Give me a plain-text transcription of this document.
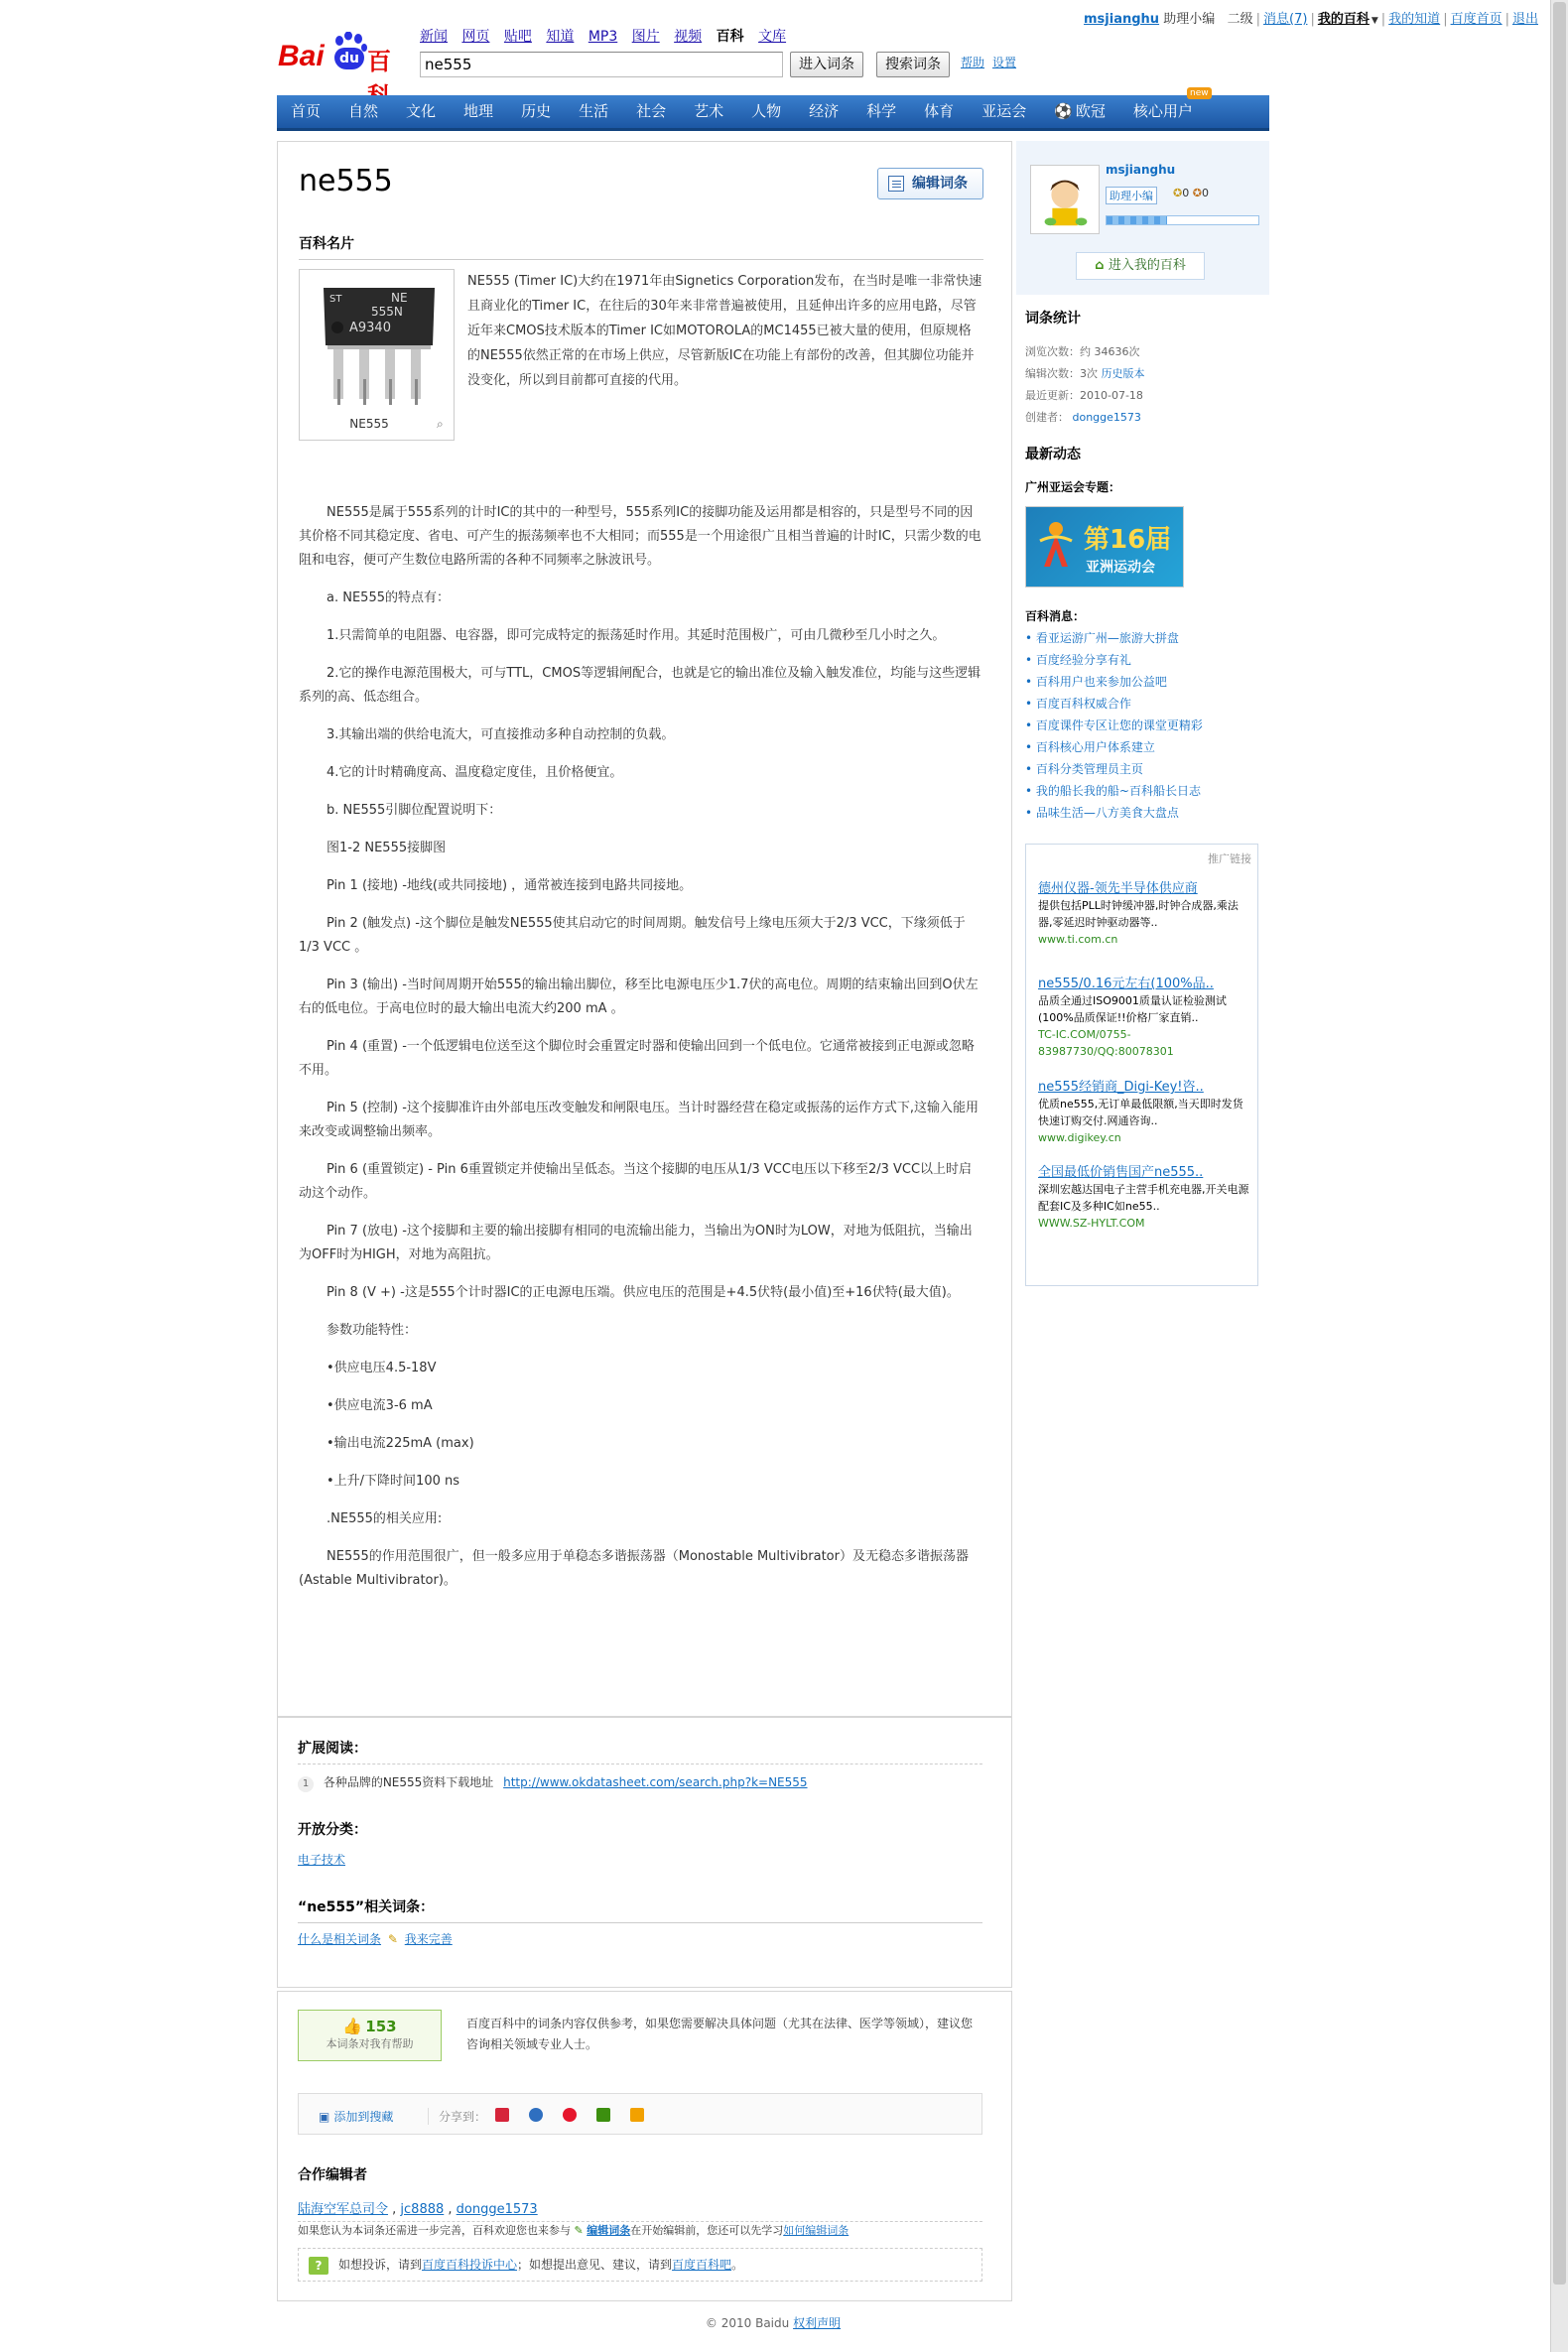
msjianghu 助理小编 二级 | 消息(7) | 我的百科 ▼ | 我的知道 | 百度首页 | 退出
Bai	du 百
新闻 网页 贴吧 知道 MP3 图片 视频 百科 文库
ne555
进入词条	搜索词条	帮助 设置
首页	自然	文化	地理	历史	生活	社会	艺术	人物	经济	科学	体育	亚运会
⚽	欧冠	核心用户
new
ne555	编辑词条
百科名片
ST	NE
555N
A9340
NE555	⌕
NE555 (Timer IC)大约在1971年由Signetics Corporation发布，在当时是唯一非常快速且商业化的Timer IC，在往后的30年来非常普遍被使用，且延伸出许多的应用电路，尽管近年来CMOS技术版本的Timer IC如MOTOROLA的MC1455已被大量的使用，但原规格的NE555依然正常的在市场上供应，尽管新版IC在功能上有部份的改善，但其脚位功能并没变化，所以到目前都可直接的代用。

NE555是属于555系列的计时IC的其中的一种型号，555系列IC的接脚功能及运用都是相容的，只是型号不同的因其价格不同其稳定度、省电、可产生的振荡频率也不大相同；而555是一个用途很广且相当普遍的计时IC，只需少数的电阻和电容，便可产生数位电路所需的各种不同频率之脉波讯号。

a. NE555的特点有：

1.只需简单的电阻器、电容器，即可完成特定的振荡延时作用。其延时范围极广，可由几微秒至几小时之久。

2.它的操作电源范围极大，可与TTL，CMOS等逻辑闸配合，也就是它的输出准位及输入触发准位，均能与这些逻辑系列的高、低态组合。

3.其输出端的供给电流大，可直接推动多种自动控制的负载。

4.它的计时精确度高、温度稳定度佳，且价格便宜。

b. NE555引脚位配置说明下：

图1-2 NE555接脚图

Pin 1 (接地) -地线(或共同接地) ，通常被连接到电路共同接地。

Pin 2 (触发点) -这个脚位是触发NE555使其启动它的时间周期。触发信号上缘电压须大于2/3 VCC，下缘须低于1/3 VCC 。

Pin 3 (输出) -当时间周期开始555的输出输出脚位，移至比电源电压少1.7伏的高电位。周期的结束输出回到O伏左右的低电位。于高电位时的最大输出电流大约200 mA 。

Pin 4 (重置) -一个低逻辑电位送至这个脚位时会重置定时器和使输出回到一个低电位。它通常被接到正电源或忽略不用。

Pin 5 (控制) -这个接脚准许由外部电压改变触发和闸限电压。当计时器经营在稳定或振荡的运作方式下,这输入能用来改变或调整输出频率。

Pin 6 (重置锁定) - Pin 6重置锁定并使输出呈低态。当这个接脚的电压从1/3 VCC电压以下移至2/3 VCC以上时启动这个动作。

Pin 7 (放电) -这个接脚和主要的输出接脚有相同的电流输出能力，当输出为ON时为LOW，对地为低阻抗，当输出为OFF时为HIGH，对地为高阻抗。

Pin 8 (V +) -这是555个计时器IC的正电源电压端。供应电压的范围是+4.5伏特(最小值)至+16伏特(最大值)。

参数功能特性：

•供应电压4.5-18V

•供应电流3-6 mA

•输出电流225mA (max)

•上升/下降时间100 ns

.NE555的相关应用:

NE555的作用范围很广，但一般多应用于单稳态多谐振荡器（Monostable Multivibrator）及无稳态多谐振荡器(Astable Multivibrator)。

扩展阅读：
1 各种品牌的NE555资料下载地址 http://www.okdatasheet.com/search.php?k=NE555
开放分类：
电子技术
“ne555”相关词条：
什么是相关词条 ✎ 我来完善
👍 153
本词条对我有帮助
百度百科中的词条内容仅供参考，如果您需要解决具体问题（尤其在法律、医学等领域），建议您咨询相关领域专业人士。
▣ 添加到搜藏	分享到：
合作编辑者
陆海空军总司令 , jc8888 , dongge1573
如果您认为本词条还需进一步完善，百科欢迎您也来参与 ✎ 编辑词条在开始编辑前，您还可以先学习如何编辑词条
?	如想投诉，请到百度百科投诉中心；如想提出意见、建议，请到百度百科吧。
© 2010 Baidu 权利声明
msjianghu
助理小编	✪0 ✪0
⌂ 进入我的百科
词条统计
浏览次数：约 34636次
编辑次数：3次 历史版本
最近更新：2010-07-18
创建者： dongge1573
最新动态
广州亚运会专题：
第16届
亚洲运动会
百科消息：
• 看亚运游广州—旅游大拼盘
• 百度经验分享有礼
• 百科用户也来参加公益吧
• 百度百科权威合作
• 百度课件专区让您的课堂更精彩
• 百科核心用户体系建立
• 百科分类管理员主页
• 我的船长我的船~百科船长日志
• 品味生活—八方美食大盘点
推广链接
德州仪器-领先半导体供应商
提供包括PLL时钟缓冲器,时钟合成器,乘法器,零延迟时钟驱动器等..
www.ti.com.cn
ne555/0.16元左右(100%品..
品质全通过ISO9001质量认证检验测试(100%品质保证!!价格厂家直销..
TC-IC.COM/0755-83987730/QQ:80078301
ne555经销商_Digi-Key!咨..
优质ne555,无订单最低限额,当天即时发货快速订购交付.网通咨询..
www.digikey.cn
全国最低价销售国产ne555..
深圳宏越达国电子主营手机充电器,开关电源配套IC及多种IC如ne55..
WWW.SZ-HYLT.COM
